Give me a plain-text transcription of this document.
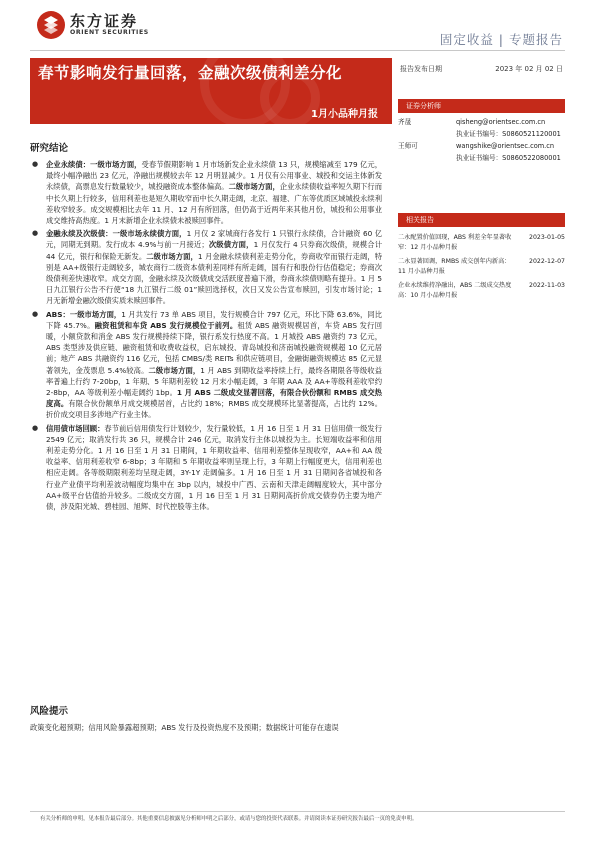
东方证券
ORIENT SECURITIES	固定收益 | 专题报告
春节影响发行量回落，金融次级债利差分化
1月小品种月报
报告发布日期	2023 年 02 月 02 日
研究结论

● 企业永续债：一级市场方面，受春节假期影响 1 月市场新发企业永续债 13 只，规模缩减至 179 亿元，最终小幅净融出 23 亿元，净融出规模较去年 12 月明显减少。1 月仅有公用事业、城投和交运主体新发永续债，高票息发行数量较少，城投融资成本整体偏高。二级市场方面，企业永续债收益率短久期下行而中长久期上行较多，信用利差也是短久期收窄而中长久期走阔，北京、福建、广东等优质区域城投永续利差收窄较多。成交规模相比去年 11 月、12 月有所回落，但仍高于近两年来其他月份，城投和公用事业成交维持高热度。1 月末新增企业永续债未被赎回事件。

● 金融永续及次级债：一级市场永续债方面，1 月仅 2 家城商行各发行 1 只银行永续债，合计融资 60 亿元，同期无到期。发行成本 4.9%与前一月接近；次级债方面，1 月仅发行 4 只券商次级债，规模合计 44 亿元，银行和保险无新发。二级市场方面，1 月金融永续债利差走势分化，券商收窄而银行走阔，特别是 AA+级银行走阔较多，城农商行二级资本债利差同样有所走阔，国有行和股份行估值稳定；券商次级债利差快速收窄。成交方面，金融永续及次级债成交活跃度普遍下滑，券商永续债则略有提升。1 月 5 日九江银行公告不行使“18 九江银行二级 01”赎回选择权，次日又发公告宣布赎回，引发市场讨论；1 月无新增金融次级债实质未赎回事件。

● ABS：一级市场方面，1 月共发行 73 单 ABS 项目，发行规模合计 797 亿元，环比下降 63.6%，同比下降 45.7%。融资租赁和车贷 ABS 发行规模位于前列。租赁 ABS 融资规模居首，车贷 ABS 发行回暖，小额贷款和消金 ABS 发行规模持续下降，银行系发行热度不高。1 月城投 ABS 融资约 73 亿元，ABS 类型涉及供应链、融资租赁和收费收益权，启东城投、青岛城投和济南城投融资规模超 10 亿元居前；地产 ABS 共融资约 116 亿元，包括 CMBS/类 REITs 和供应链项目，金融街融资规模达 85 亿元显著领先，金茂票息 5.4%较高。二级市场方面，1 月 ABS 到期收益率持续上行，最终各期限各等级收益率普遍上行约 7-20bp，1 年期、5 年期利差较 12 月末小幅走阔，3 年期 AAA 及 AA+等级利差收窄约 2-8bp，AA 等级利差小幅走阔约 1bp。1 月 ABS 二级成交显著回落，有限合伙份额和 RMBS 成交热度高。有限合伙份额单月成交规模居首，占比约 18%；RMBS 成交规模环比显著提高，占比约 12%。折价成交项目多涉地产行业主体。

● 信用债市场回顾：春节前后信用债发行计划较少，发行量较低，1 月 16 日至 1 月 31 日信用债一级发行 2549 亿元；取消发行共 36 只，规模合计 246 亿元，取消发行主体以城投为主。长短端收益率和信用利差走势分化。1 月 16 日至 1 月 31 日期间，1 年期收益率、信用利差整体呈现收窄，AA+和 AA 级收益率、信用利差收窄 6-8bp；3 年期和 5 年期收益率则呈现上行，3 年期上行幅度更大，信用利差也相应走阔。各等级期限利差均呈现走阔，3Y-1Y 走阔偏多。1 月 16 日至 1 月 31 日期间各省城投和各行业产业债平均利差波动幅度均集中在 3bp 以内，城投中广西、云南和天津走阔幅度较大，其中部分 AA+级平台估值抬升较多。二级成交方面，1 月 16 日至 1 月 31 日期间高折价成交债券仍主要为地产债，涉及阳光城、碧桂园、旭辉、时代控股等主体。

风险提示
政策变化超预期；信用风险暴露超预期；ABS 发行及投资热度不及预期；数据统计可能存在遗误
证券分析师
齐晟	qisheng@orientsec.com.cn
执业证书编号：S0860521120001
王师可	wangshike@orientsec.com.cn
执业证书编号：S0860522080001
相关报告
二永配置价值回现，ABS 利差全年显著收	2023-01-05
窄：12 月小品种月报
二永显著回调，RMBS 成交创年内新高：	2022-12-07
11 月小品种月报
企业永续维持净融出，ABS 二级成交热度	2022-11-03
高：10 月小品种月报
有关分析师的申明，见本报告最后部分。其他重要信息披露见分析师申明之后部分，或请与您的投资代表联系。并请阅读本证券研究报告最后一页的免责申明。
